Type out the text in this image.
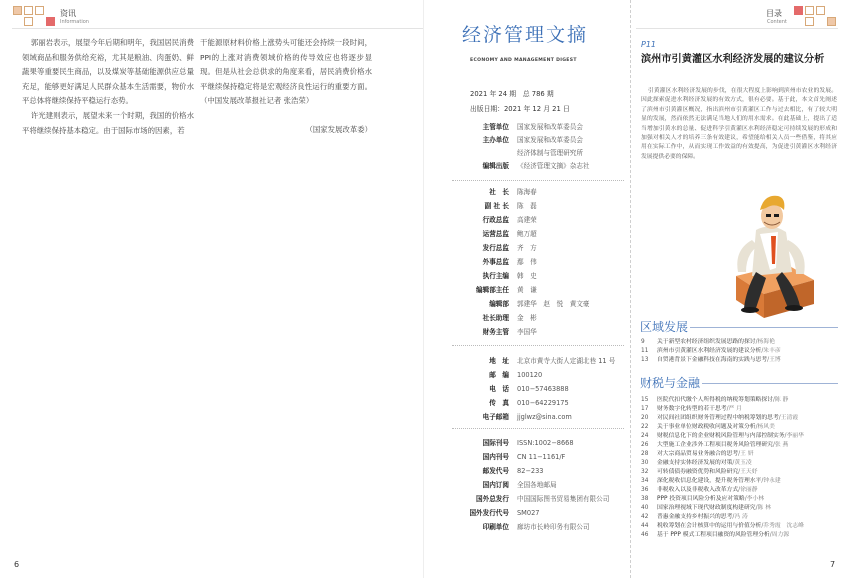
资讯
Information

郭丽岩表示，展望今年后期和明年，我国居民消费领域商品和服务供给充裕，尤其是粮油、肉蛋奶、鲜蔬果等重要民生商品，以及煤炭等基础能源供应总量充足，能够更好满足人民群众基本生活需要，物价水平总体将继续保持平稳运行态势。

许光建则表示，展望未来一个时期，我国的价格水平将继续保持基本稳定。由于国际市场的因素，若

干能源原材料价格上涨势头可能还会持续一段时间，PPI的上涨对消费领域价格的传导效应也将逐步显现。但是从社会总供求的角度来看，居民消费价格水平继续保持稳定将是宏观经济良性运行的重要方面。（中国发展改革报社记者 张浩荣）

（国家发展改革委）

6
经济管理文摘
ECONOMY AND MANAGEMENT DIGEST
2021 年 24 期　总 786 期
出版日期：2021 年 12 月 21 日
主管单位 国家发展和改革委员会
主办单位 国家发展和改革委员会
经济体制与管理研究所
编辑出版 《经济管理文摘》杂志社
社　长 陈海春
副 社 长 陈　磊
行政总监 高建荣
运营总监 鲍万超
发行总监 齐　方
外事总监 鄢　伟
执行主编 韩　史
编辑部主任 黄　谦
编辑部 郭建华　赵　悦　黄文豪
社长助理 金　彬
财务主管 李国华
地　址 北京市黄寺大街人定湖北巷 11 号
邮　编 100120
电　话 010−57463888
传　真 010−64229175
电子邮箱 jjglwz@sina.com
国际刊号 ISSN:1002−8668
国内刊号 CN 11−1161/F
邮发代号 82−233
国内订阅 全国各地邮局
国外总发行 中国国际图书贸易集团有限公司
国外发行代号 SM027
印刷单位 廊坊市长岭印务有限公司
目录
Content
P11
滨州市引黄灌区水利经济发展的建议分析
引黄灌区水利经济发展的步伐，在很大程度上影响到滨州市农业的发展。因此探索促进水利经济发展的有效方式，很有必要。基于此，本文首先阐述了滨州市引黄灌区概况，指出滨州市引黄灌区工作与过去相比，有了较大明显的发展，然而依然无法满足当地人们的用水需求。在此基础上，提出了适当增加引黄水的总量、促进科学引黄灌区水利经济稳定可持续发展的形成和加强对相关人才的培养三条有效建议，希望能给相关人员一些借鉴，将其应用在实际工作中，从而实现工作效益的有效提高，为促进引黄灌区水利经济发展提供必要的保障。
区域发展
9 关于新型农村经济组织发展思路的探讨/杨海艳
11 滨州市引黄灌区水利经济发展的建议分析/朱丰彦
13 自贸港背景下金融科技在海南的实践与思考/王博
财税与金融
15 医院代扣代缴个人所得税的纳税筹划策略探讨/陈 静
17 财务数字化转型的若干思考/严 月
20 对民间社团组织财务管理过程中纳税筹划的思考/王清霞
22 关于事业单位财政税收问题及对策分析/杨风美
24 财税信息化下的企业财税风险管理与内部控制实务/李丽华
26 大型施工企业涉外工程项目税务风险管理研究/张 燕
28 对大宗商品贸易业务融合的思考/王 妍
30 金融支持实体经济发展的对策/黄玉凌
32 可转债债券融资优势和风险研究/王天妤
34 深化税收信息化建设，提升税务管理水平/钟永建
36 非税收入以及非税收入改革方式/徐丽静
38 PPP 投资项目风险分析及应对策略/李小林
40 国家治理视域下现代财政制度构建研究/陈 林
42 普惠金融支持乡村振兴的思考/冯 涛
44 税收筹划在会计核算中的运用与价值分析/乔秀霞　沈志峰
46 基于 PPP 模式工程项目融资的风险管理分析/周力源
7
